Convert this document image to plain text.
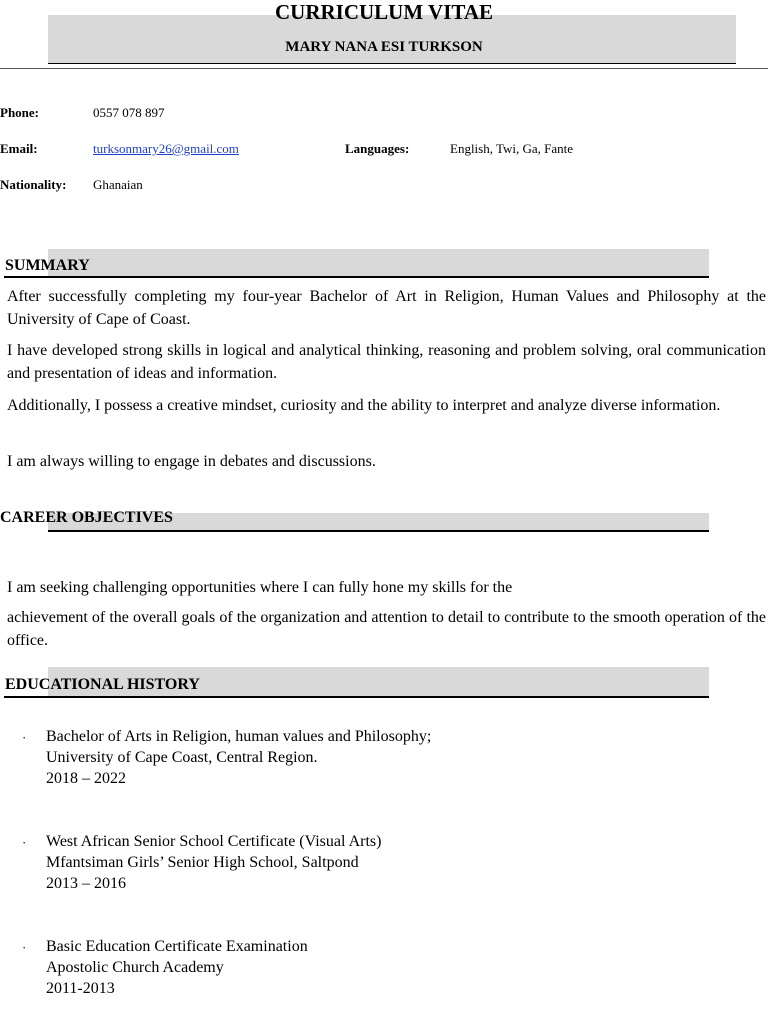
CURRICULUM VITAE
MARY NANA ESI TURKSON
Phone:	0557 078 897
Email:	turksonmary26@gmail.com	Languages:	English, Twi, Ga, Fante
Nationality: Ghanaian
SUMMARY
After successfully completing my four-year Bachelor of Art in Religion, Human Values and Philosophy at the University of Cape of Coast.
I have developed strong skills in logical and analytical thinking, reasoning and problem solving, oral communication and presentation of ideas and information.
Additionally, I possess a creative mindset, curiosity and the ability to interpret and analyze diverse information.
I am always willing to engage in debates and discussions.
CAREER OBJECTIVES
I am seeking challenging opportunities where I can fully hone my skills for the
achievement of the overall goals of the organization and attention to detail to contribute to the smooth operation of the office.
EDUCATIONAL HISTORY
· Bachelor of Arts in Religion, human values and Philosophy;
University of Cape Coast, Central Region.
2018 – 2022
· West African Senior School Certificate (Visual Arts)
Mfantsiman Girls’ Senior High School, Saltpond
2013 – 2016
· Basic Education Certificate Examination
Apostolic Church Academy
2011-2013
